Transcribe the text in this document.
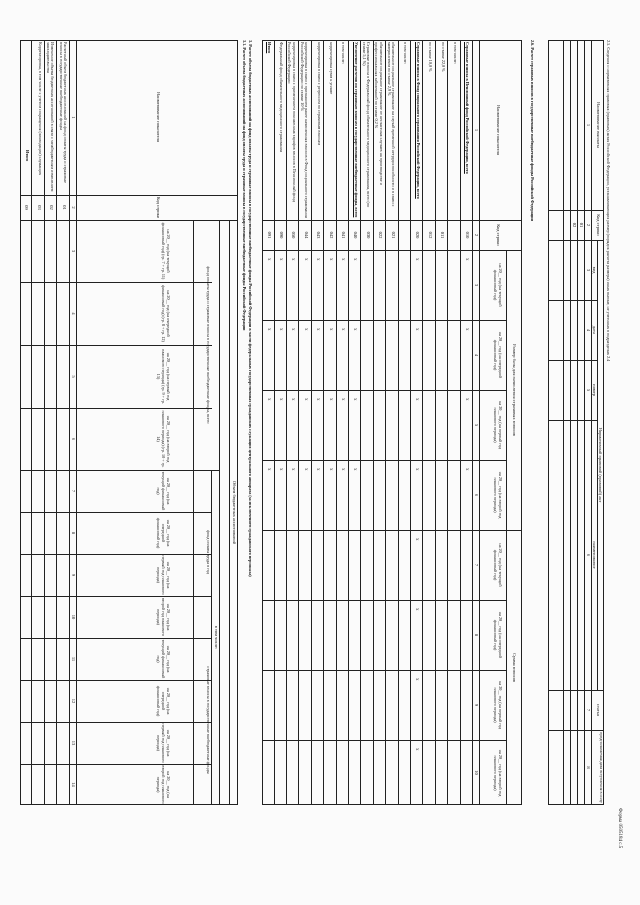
Форма 0505184 с.5
2.5. Сведения о нормативных правовых (правовых) актах Российской Федерации, устанавливающих размер (порядок расчета размера) иных выплат, не учтенных в подразделах 2.4
Нормативный правовой (правовой) акт
Наименование выплаты
Код строки
вид
дата
номер
наименование
статья
предполагаемая дата вступления в силу
1
2
3
4
5
6
7
8
01
02
2.6. Расчет страховых взносов в государственные внебюджетные фонды Российской Федерации
Размер базы для начисления страховых взносов
Сумма взносов
Наименование показателя
Код строки
на 20__ год (на текущий финансовый год)
на 20__ год (на очередной финансовый год)
на 20__ год (на первый год планового периода)
на 20__ год (на второй год планового периода)
на 20__ год (на текущий финансовый год)
на 20__ год (на очередной финансовый год)
на 20__ год (на первый год планового периода)
на 20__ год (на второй год планового периода)
1
2
3
4
5
6
7
8
9
10
Страховые взносы в Пенсионный фонд Российской Федерации, всего
010
x
x
x
x
в том числе:
по ставке 22,0 %
011
по ставке 10,0 %
012
Страховые взносы в Фонд социального страхования Российской Федерации, всего
020
x
x
x
x
x
x
x
x
в том числе:
обязательное социальное страхование на случай временной нетрудоспособности и в связи с материнством по ставке 2,9 %
021
обязательное социальное страхование от несчастных случаев на производстве и профессиональных заболеваний по ставке 0,2 %
022
Страховые взносы в Федеральный фонд обязательного медицинского страхования, всего (по ставке 5,1 %)
030
Увеличение расчетов по страховым взносам в государственные внебюджетные фонды, всего
040
x
x
x
x
в том числе:
041
x
x
x
x
корректировка сумм к уплате
042
x
x
x
x
корректировка в связи с регрессом по страховым взносам
043
x
x
x
x
корректировка в связи с признанием ранее начисленных взносов в Фонд социального страхования Российской Федерации по ставке 10 %
044
x
x
x
x
корректировка в связи с применением пониженных тарифов взносов в Пенсионный фонд Российской Федерации
050
x
x
x
x
Федеральный фонд обязательного медицинского страхования
090
x
x
x
x
Итого
091
x
x
x
x
3. Расчет объема бюджетных ассигнований на фонд оплаты труда и страховые взносы в государственные внебюджетные фонды Российской Федерации в части федеральных государственных гражданских служащих центрального аппарата (за исключением гражданского персонала)
3.1. Расчет объема бюджетных ассигнований на фонд оплаты труда и страховые взносы в государственные внебюджетные фонды Российской Федерации
Объем бюджетных ассигнований
в том числе:
фонд оплаты труда и страховые взносы в государственные внебюджетные фонды, всего
фонд оплаты труда в год
страховые взносы в государственные внебюджетные фонды
Наименование показателя
Код строки
на 20__ год (на текущий финансовый год) (гр. 7 + гр. 11)
на 20__ год (на очередной финансовый год) (гр. 8 + гр. 12)
на 20__ год (на первый год планового периода) (гр. 9 + гр. 13)
на 20__ год (на второй год планового периода) (гр. 10 + гр. 14)
на 20__ год (на текущий финансовый год)
на 20__ год (на очередной финансовый год)
на 20__ год (на первый год планового периода)
на 20__ год (на второй год планового периода)
на 20__ год (на текущий финансовый год)
на 20__ год (на очередной финансовый год)
на 20__ год (на первый год планового периода)
на 20__ год (на второй год планового периода)
1
2
3
4
5
6
7
8
9
10
11
12
13
14
Расчетный объем бюджетных ассигнований на фонд оплаты труда и страховые взносы в государственные внебюджетные фонды
01
Изменение объема бюджетных ассигнований в связи с межбюджетным изменением законодательства
02
Корректировка, в том числе с учетом сокращения (ликвидации) служащих
03
Итого
09
